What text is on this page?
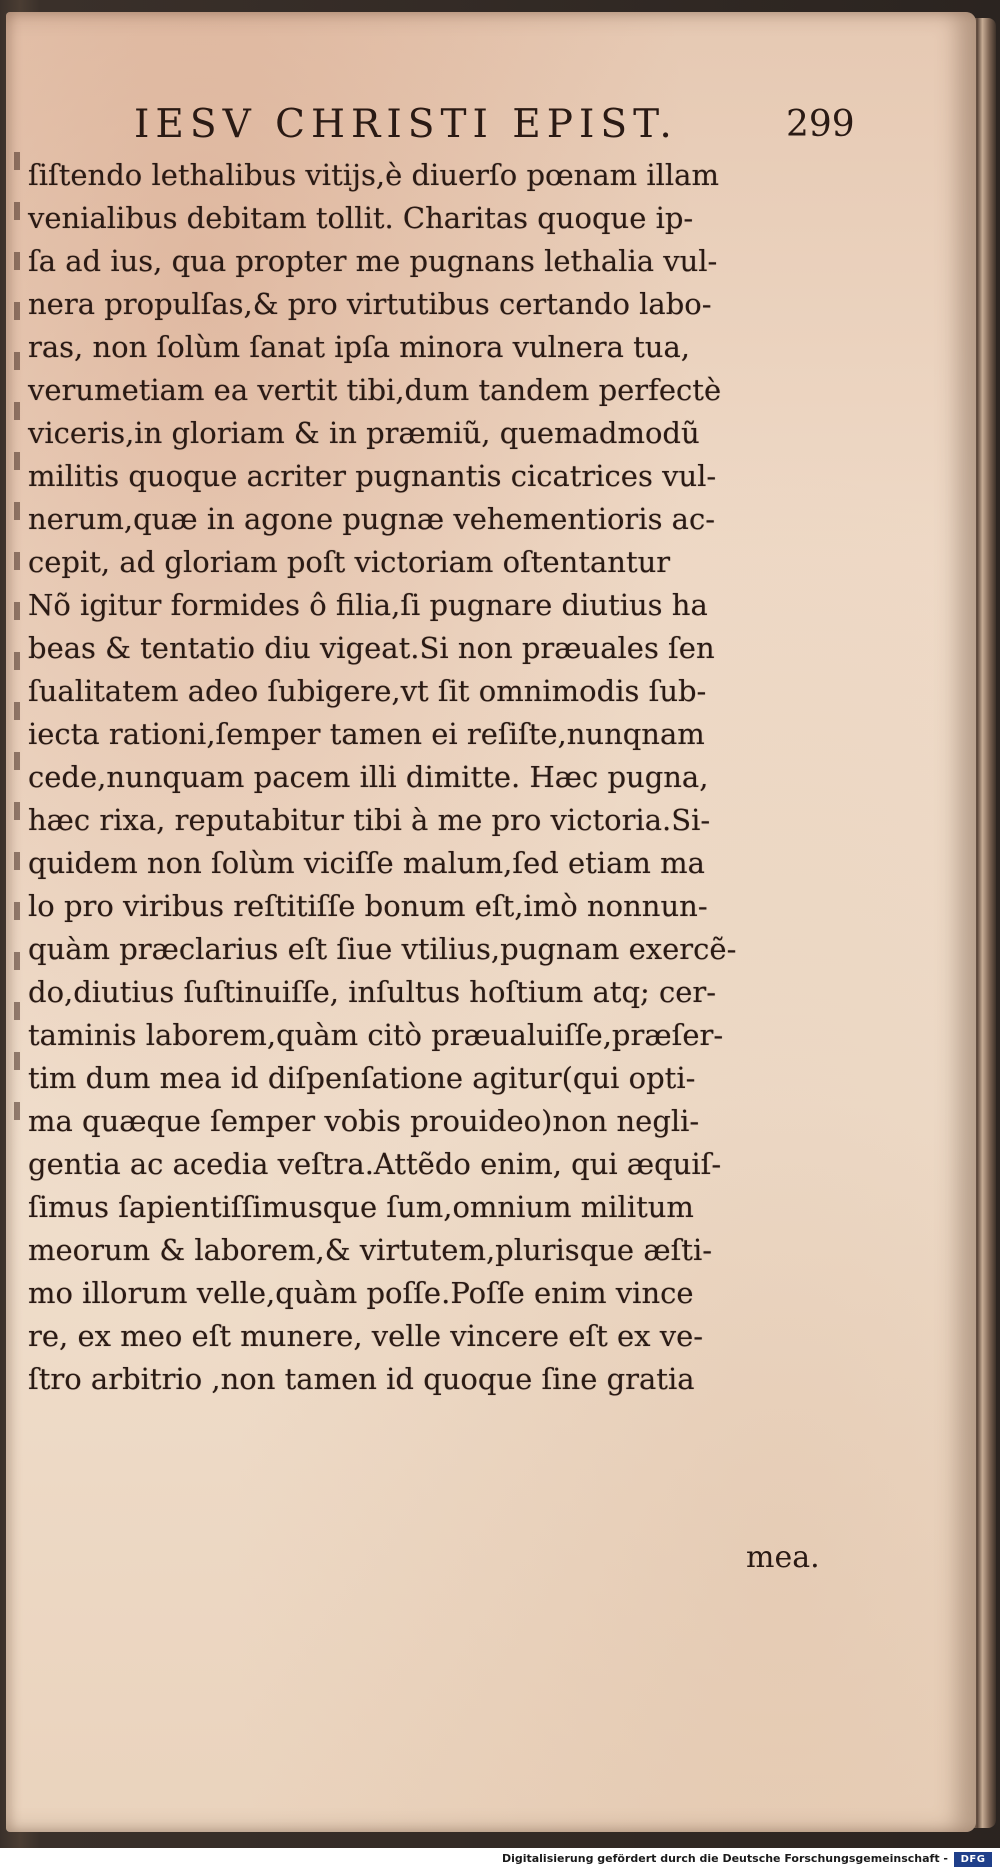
IESV CHRISTI EPIST.	299
ſiſtendo lethalibus vitijs,è diuerſo pœnam illam
venialibus debitam tollit. Charitas quoque ip-
ſa ad ius, qua propter me pugnans lethalia vul-
nera propulſas,& pro virtutibus certando labo-
ras, non ſolùm ſanat ipſa minora vulnera tua,
verumetiam ea vertit tibi,dum tandem perfectè
viceris,in gloriam & in præmiũ, quemadmodũ
militis quoque acriter pugnantis cicatrices vul-
nerum,quæ in agone pugnæ vehementioris ac-
cepit, ad gloriam poſt victoriam oſtentantur
Nõ igitur formides ô filia,ſi pugnare diutius ha
beas & tentatio diu vigeat.Si non præuales ſen
ſualitatem adeo ſubigere,vt ſit omnimodis ſub-
iecta rationi,ſemper tamen ei reſiſte,nunqnam
cede,nunquam pacem illi dimitte. Hæc pugna,
hæc rixa, reputabitur tibi à me pro victoria.Si-
quidem non ſolùm viciſſe malum,ſed etiam ma
lo pro viribus reſtitiſſe bonum eſt,imò nonnun-
quàm præclarius eſt ſiue vtilius,pugnam exercẽ-
do,diutius ſuſtinuiſſe, inſultus hoſtium atq; cer-
taminis laborem,quàm citò præualuiſſe,præſer-
tim dum mea id diſpenſatione agitur(qui opti-
ma quæque ſemper vobis prouideo)non negli-
gentia ac acedia veſtra.Attẽdo enim, qui æquiſ-
ſimus ſapientiſſimusque ſum,omnium militum
meorum & laborem,& virtutem,plurisque æſti-
mo illorum velle,quàm poſſe.Poſſe enim vince
re, ex meo eſt munere, velle vincere eſt ex ve-
ſtro arbitrio ,non tamen id quoque ſine gratia
mea.
Digitalisierung gefördert durch die Deutsche Forschungsgemeinschaft -	DFG
